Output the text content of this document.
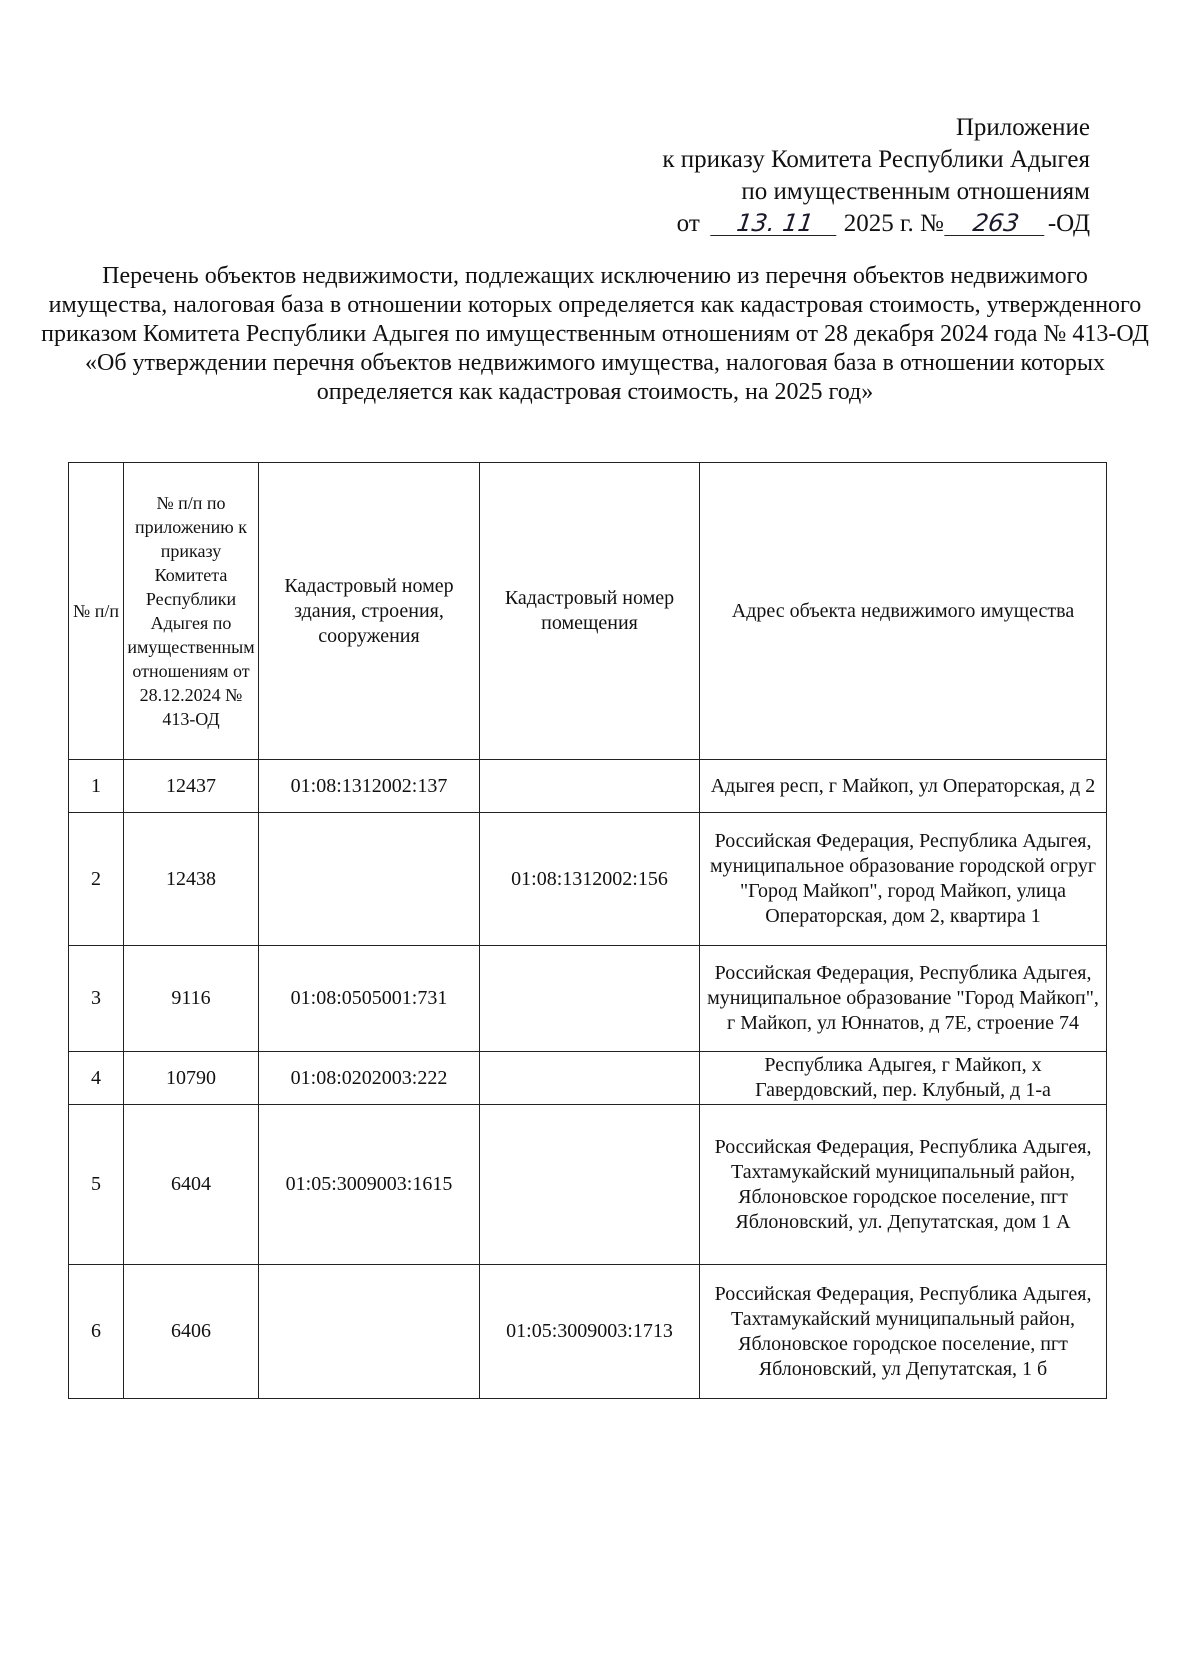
Приложение
к приказу Комитета Республики Адыгея
по имущественным отношениям
от 13. 11 2025 г. № 263 -ОД
Перечень объектов недвижимости, подлежащих исключению из перечня объектов недвижимого имущества, налоговая база в отношении которых определяется как кадастровая стоимость, утвержденного приказом Комитета Республики Адыгея по имущественным отношениям от 28 декабря 2024 года № 413-ОД «Об утверждении перечня объектов недвижимого имущества, налоговая база в отношении которых определяется как кадастровая стоимость, на 2025 год»
№ п/п	№ п/п по приложению к приказу Комитета Республики Адыгея по имущественным отношениям от 28.12.2024 № 413-ОД	Кадастровый номер здания, строения, сооружения	Кадастровый номер помещения	Адрес объекта недвижимого имущества
1	12437	01:08:1312002:137		Адыгея респ, г Майкоп, ул Операторская, д 2
2	12438		01:08:1312002:156	Российская Федерация, Республика Адыгея, муниципальное образование городской огруг "Город Майкоп", город Майкоп, улица Операторская, дом 2, квартира 1
3	9116	01:08:0505001:731		Российская Федерация, Республика Адыгея, муниципальное образование "Город Майкоп", г Майкоп, ул Юннатов, д 7Е, строение 74
4	10790	01:08:0202003:222		Республика Адыгея, г Майкоп, х Гавердовский, пер. Клубный, д 1-а
5	6404	01:05:3009003:1615		Российская Федерация, Республика Адыгея, Тахтамукайский муниципальный район, Яблоновское городское поселение, пгт Яблоновский, ул. Депутатская, дом 1 А
6	6406		01:05:3009003:1713	Российская Федерация, Республика Адыгея, Тахтамукайский муниципальный район, Яблоновское городское поселение, пгт Яблоновский, ул Депутатская, 1 б
